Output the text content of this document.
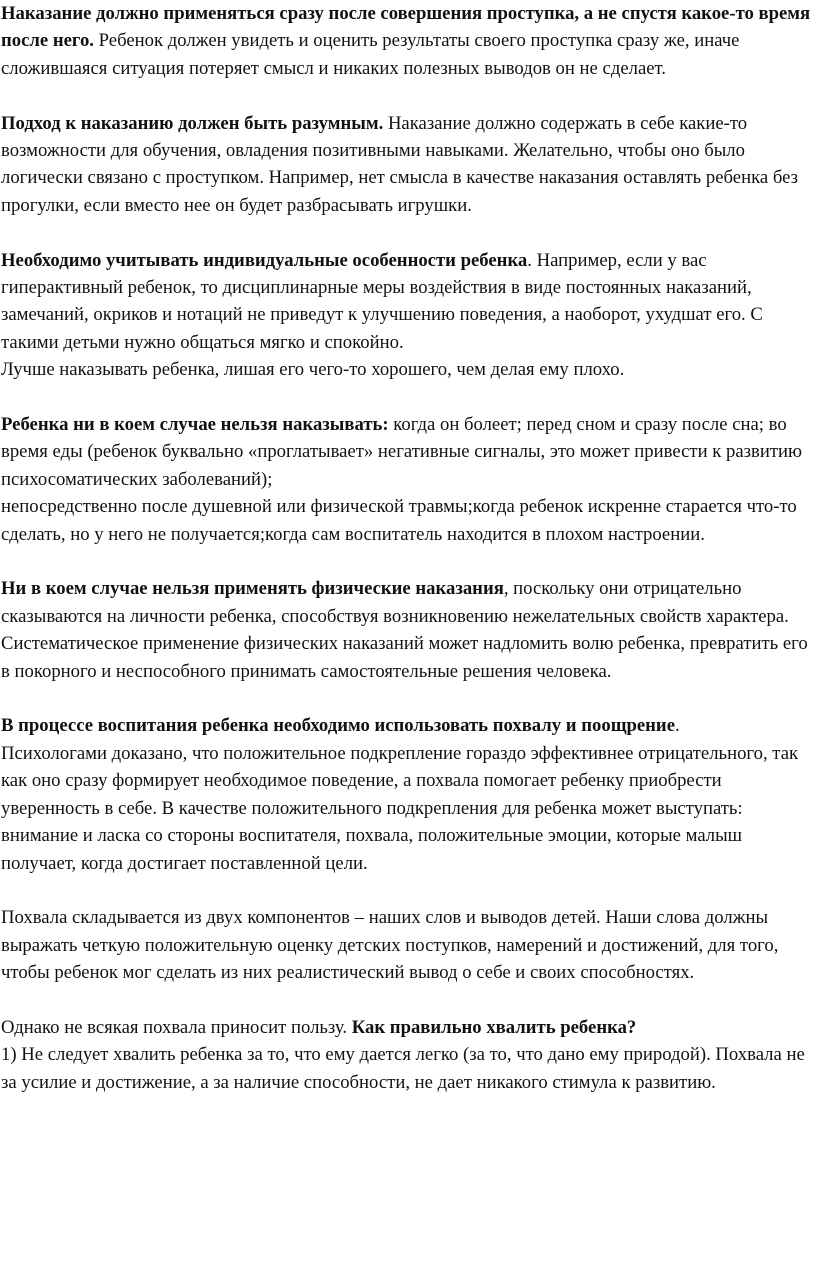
Наказание должно применяться сразу после совершения проступка, а не спустя какое-то время после него. Ребенок должен увидеть и оценить результаты своего проступка сразу же, иначе сложившаяся ситуация потеряет смысл и никаких полезных выводов он не сделает.

Подход к наказанию должен быть разумным. Наказание должно содержать в себе какие-то возможности для обучения, овладения позитивными навыками. Желательно, чтобы оно было логически связано с проступком. Например, нет смысла в качестве наказания оставлять ребенка без прогулки, если вместо нее он будет разбрасывать игрушки.

Необходимо учитывать индивидуальные особенности ребенка. Например, если у вас гиперактивный ребенок, то дисциплинарные меры воздействия в виде постоянных наказаний, замечаний, окриков и нотаций не приведут к улучшению поведения, а наоборот, ухудшат его. С такими детьми нужно общаться мягко и спокойно.
Лучше наказывать ребенка, лишая его чего-то хорошего, чем делая ему плохо.

Ребенка ни в коем случае нельзя наказывать: когда он болеет; перед сном и сразу после сна; во время еды (ребенок буквально «проглатывает» негативные сигналы, это может привести к развитию психосоматических заболеваний);
непосредственно после душевной или физической травмы;когда ребенок искренне старается что-то сделать, но у него не получается;когда сам воспитатель находится в плохом настроении.

Ни в коем случае нельзя применять физические наказания, поскольку они отрицательно сказываются на личности ребенка, способствуя возникновению нежелательных свойств характера. Систематическое применение физических наказаний может надломить волю ребенка, превратить его в покорного и неспособного принимать самостоятельные решения человека.

В процессе воспитания ребенка необходимо использовать похвалу и поощрение.
Психологами доказано, что положительное подкрепление гораздо эффективнее отрицательного, так как оно сразу формирует необходимое поведение, а похвала помогает ребенку приобрести уверенность в себе. В качестве положительного подкрепления для ребенка может выступать: внимание и ласка со стороны воспитателя, похвала, положительные эмоции, которые малыш получает, когда достигает поставленной цели.

Похвала складывается из двух компонентов – наших слов и выводов детей. Наши слова должны выражать четкую положительную оценку детских поступков, намерений и достижений, для того, чтобы ребенок мог сделать из них реалистический вывод о себе и своих способностях.

Однако не всякая похвала приносит пользу. Как правильно хвалить ребенка?
1) Не следует хвалить ребенка за то, что ему дается легко (за то, что дано ему природой). Похвала не за усилие и достижение, а за наличие способности, не дает никакого стимула к развитию.
